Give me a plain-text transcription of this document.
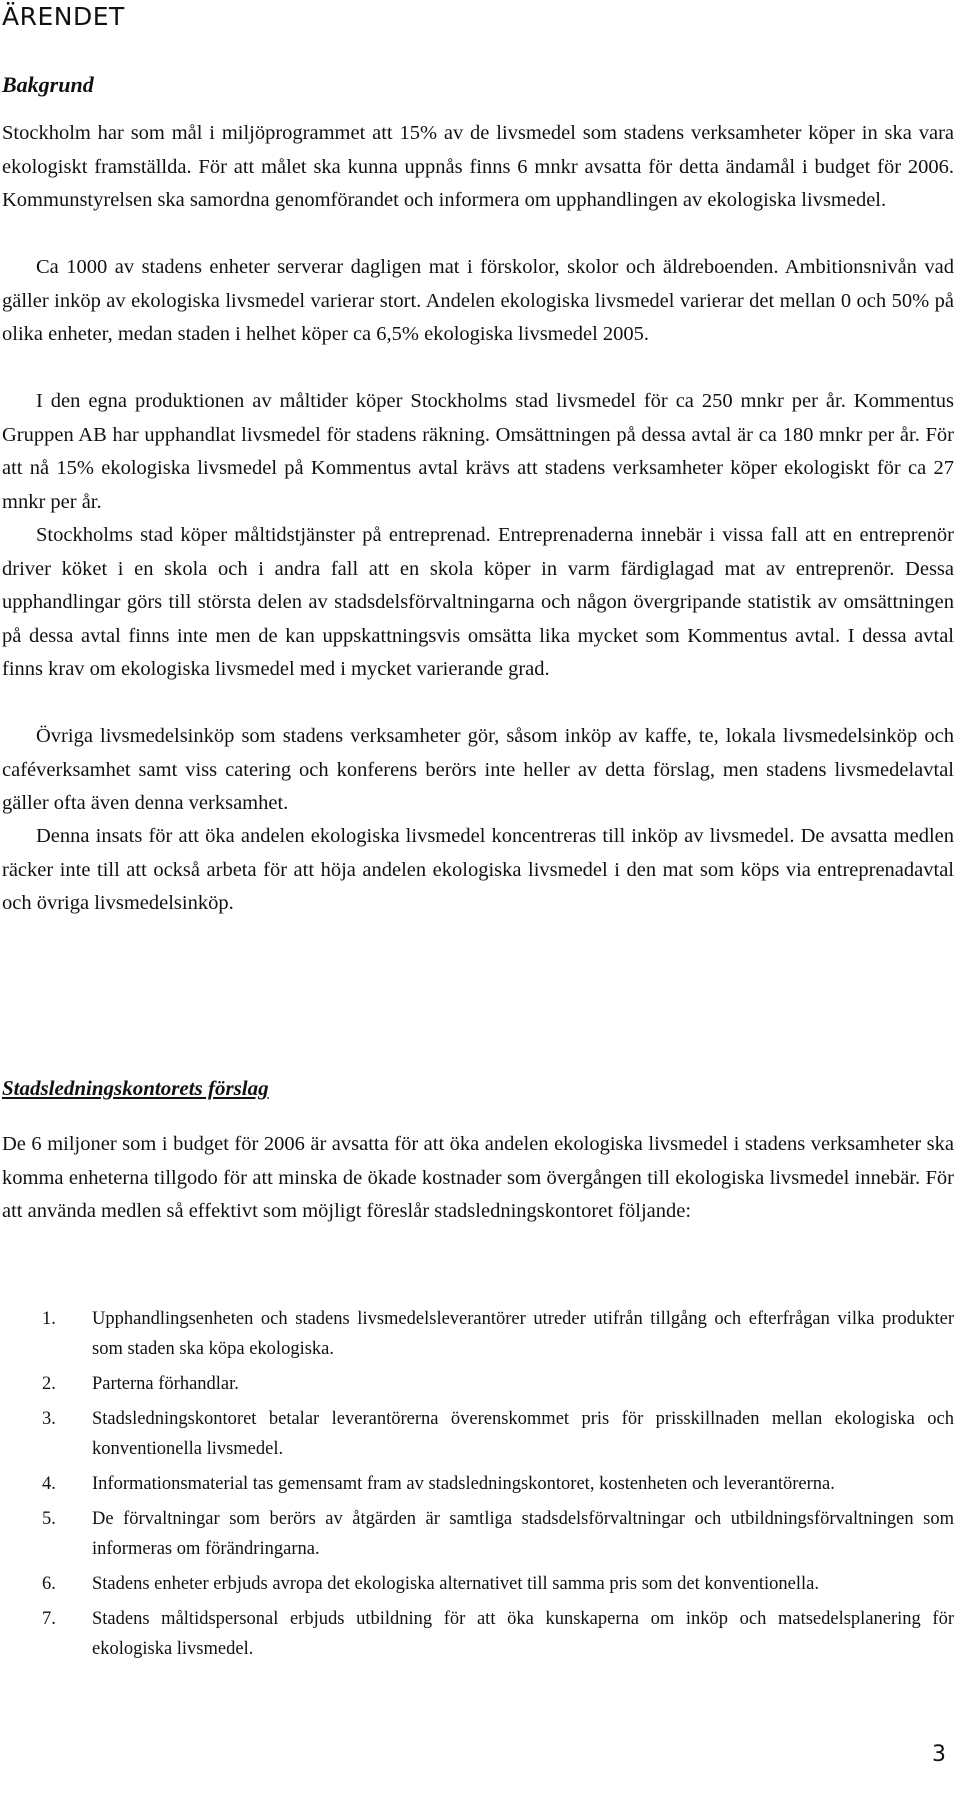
ÄRENDET
Bakgrund

Stockholm har som mål i miljöprogrammet att 15% av de livsmedel som stadens verksamheter köper in ska vara ekologiskt framställda. För att målet ska kunna uppnås finns 6 mnkr avsatta för detta ändamål i budget för 2006. Kommunstyrelsen ska samordna genomförandet och informera om upphandlingen av ekologiska livsmedel.

Ca 1000 av stadens enheter serverar dagligen mat i förskolor, skolor och äldreboenden. Ambitionsnivån vad gäller inköp av ekologiska livsmedel varierar stort. Andelen ekologiska livsmedel varierar det mellan 0 och 50% på olika enheter, medan staden i helhet köper ca 6,5% ekologiska livsmedel 2005.

I den egna produktionen av måltider köper Stockholms stad livsmedel för ca 250 mnkr per år. Kommentus Gruppen AB har upphandlat livsmedel för stadens räkning. Omsättningen på dessa avtal är ca 180 mnkr per år. För att nå 15% ekologiska livsmedel på Kommentus avtal krävs att stadens verksamheter köper ekologiskt för ca 27 mnkr per år.

Stockholms stad köper måltidstjänster på entreprenad. Entreprenaderna innebär i vissa fall att en entreprenör driver köket i en skola och i andra fall att en skola köper in varm färdiglagad mat av entreprenör. Dessa upphandlingar görs till största delen av stadsdelsförvaltningarna och någon övergripande statistik av omsättningen på dessa avtal finns inte men de kan uppskattningsvis omsätta lika mycket som Kommentus avtal. I dessa avtal finns krav om ekologiska livsmedel med i mycket varierande grad.

Övriga livsmedelsinköp som stadens verksamheter gör, såsom inköp av kaffe, te, lokala livsmedelsinköp och caféverksamhet samt viss catering och konferens berörs inte heller av detta förslag, men stadens livsmedelavtal gäller ofta även denna verksamhet.

Denna insats för att öka andelen ekologiska livsmedel koncentreras till inköp av livsmedel. De avsatta medlen räcker inte till att också arbeta för att höja andelen ekologiska livsmedel i den mat som köps via entreprenadavtal och övriga livsmedelsinköp.

Stadsledningskontorets förslag

De 6 miljoner som i budget för 2006 är avsatta för att öka andelen ekologiska livsmedel i stadens verksamheter ska komma enheterna tillgodo för att minska de ökade kostnader som övergången till ekologiska livsmedel innebär. För att använda medlen så effektivt som möjligt föreslår stadsledningskontoret följande:

1. Upphandlingsenheten och stadens livsmedelsleverantörer utreder utifrån tillgång och efterfrågan vilka produkter som staden ska köpa ekologiska.
2. Parterna förhandlar.
3. Stadsledningskontoret betalar leverantörerna överenskommet pris för prisskillnaden mellan ekologiska och konventionella livsmedel.
4. Informationsmaterial tas gemensamt fram av stadsledningskontoret, kostenheten och leverantörerna.
5. De förvaltningar som berörs av åtgärden är samtliga stadsdelsförvaltningar och utbildningsförvaltningen som informeras om förändringarna.
6. Stadens enheter erbjuds avropa det ekologiska alternativet till samma pris som det konventionella.
7. Stadens måltidspersonal erbjuds utbildning för att öka kunskaperna om inköp och matsedelsplanering för ekologiska livsmedel.
3
